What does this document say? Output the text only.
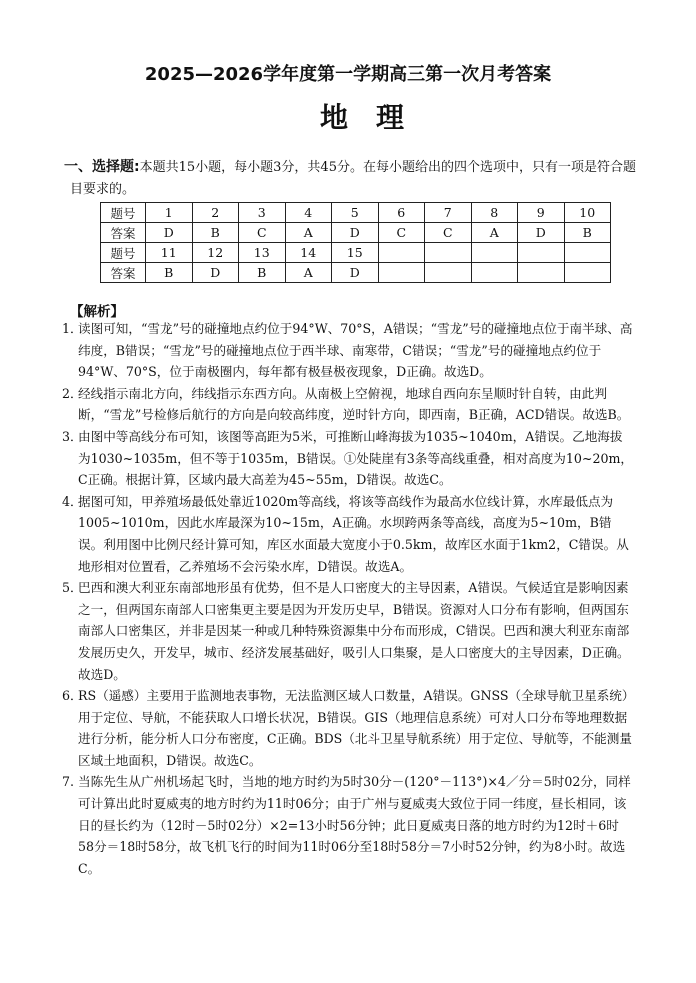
2025—2026学年度第一学期高三第一次月考答案
地理
一、选择题:本题共15小题，每小题3分，共45分。在每小题给出的四个选项中，只有一项是符合题目要求的。
题号	1	2	3	4	5	6	7	8	9	10
答案	D	B	C	A	D	C	C	A	D	B
题号	11	12	13	14	15					
答案	B	D	B	A	D					
【解析】
1．
读图可知，“雪龙”号的碰撞地点约位于94°W、70°S，A错误；“雪龙”号的碰撞地点位于南半球、高纬度，B错误；“雪龙”号的碰撞地点位于西半球、南寒带，C错误；“雪龙”号的碰撞地点约位于94°W、70°S，位于南极圈内，每年都有极昼极夜现象，D正确。故选D。
2．
经线指示南北方向，纬线指示东西方向。从南极上空俯视，地球自西向东呈顺时针自转，由此判断，“雪龙”号检修后航行的方向是向较高纬度，逆时针方向，即西南，B正确，ACD错误。故选B。
3．
由图中等高线分布可知，该图等高距为5米，可推断山峰海拔为1035~1040m，A错误。乙地海拔为1030~1035m，但不等于1035m，B错误。①处陡崖有3条等高线重叠，相对高度为10~20m，C正确。根据计算，区域内最大高差为45~55m，D错误。故选C。
4．
据图可知，甲养殖场最低处靠近1020m等高线，将该等高线作为最高水位线计算，水库最低点为1005~1010m，因此水库最深为10~15m，A正确。水坝跨两条等高线，高度为5~10m，B错误。利用图中比例尺经计算可知，库区水面最大宽度小于0.5km，故库区水面于1km2，C错误。从地形相对位置看，乙养殖场不会污染水库，D错误。故选A。
5．
巴西和澳大利亚东南部地形虽有优势，但不是人口密度大的主导因素，A错误。气候适宜是影响因素之一，但两国东南部人口密集更主要是因为开发历史早，B错误。资源对人口分布有影响，但两国东南部人口密集区，并非是因某一种或几种特殊资源集中分布而形成，C错误。巴西和澳大利亚东南部发展历史久，开发早，城市、经济发展基础好，吸引人口集聚，是人口密度大的主导因素，D正确。故选D。
6．
RS（遥感）主要用于监测地表事物，无法监测区域人口数量，A错误。GNSS（全球导航卫星系统）用于定位、导航，不能获取人口增长状况，B错误。GIS（地理信息系统）可对人口分布等地理数据进行分析，能分析人口分布密度，C正确。BDS（北斗卫星导航系统）用于定位、导航等，不能测量区域土地面积，D错误。故选C。
7. 当陈先生从广州机场起飞时，当地的地方时约为5时30分－(120°－113°)×4／分＝5时02分，同样可计算出此时夏威夷的地方时约为11时06分；由于广州与夏威夷大致位于同一纬度，昼长相同，该日的昼长约为（12时－5时02分）×2=13小时56分钟；此日夏威夷日落的地方时约为12时＋6时58分＝18时58分，故飞机飞行的时间为11时06分至18时58分＝7小时52分钟，约为8小时。故选C。
